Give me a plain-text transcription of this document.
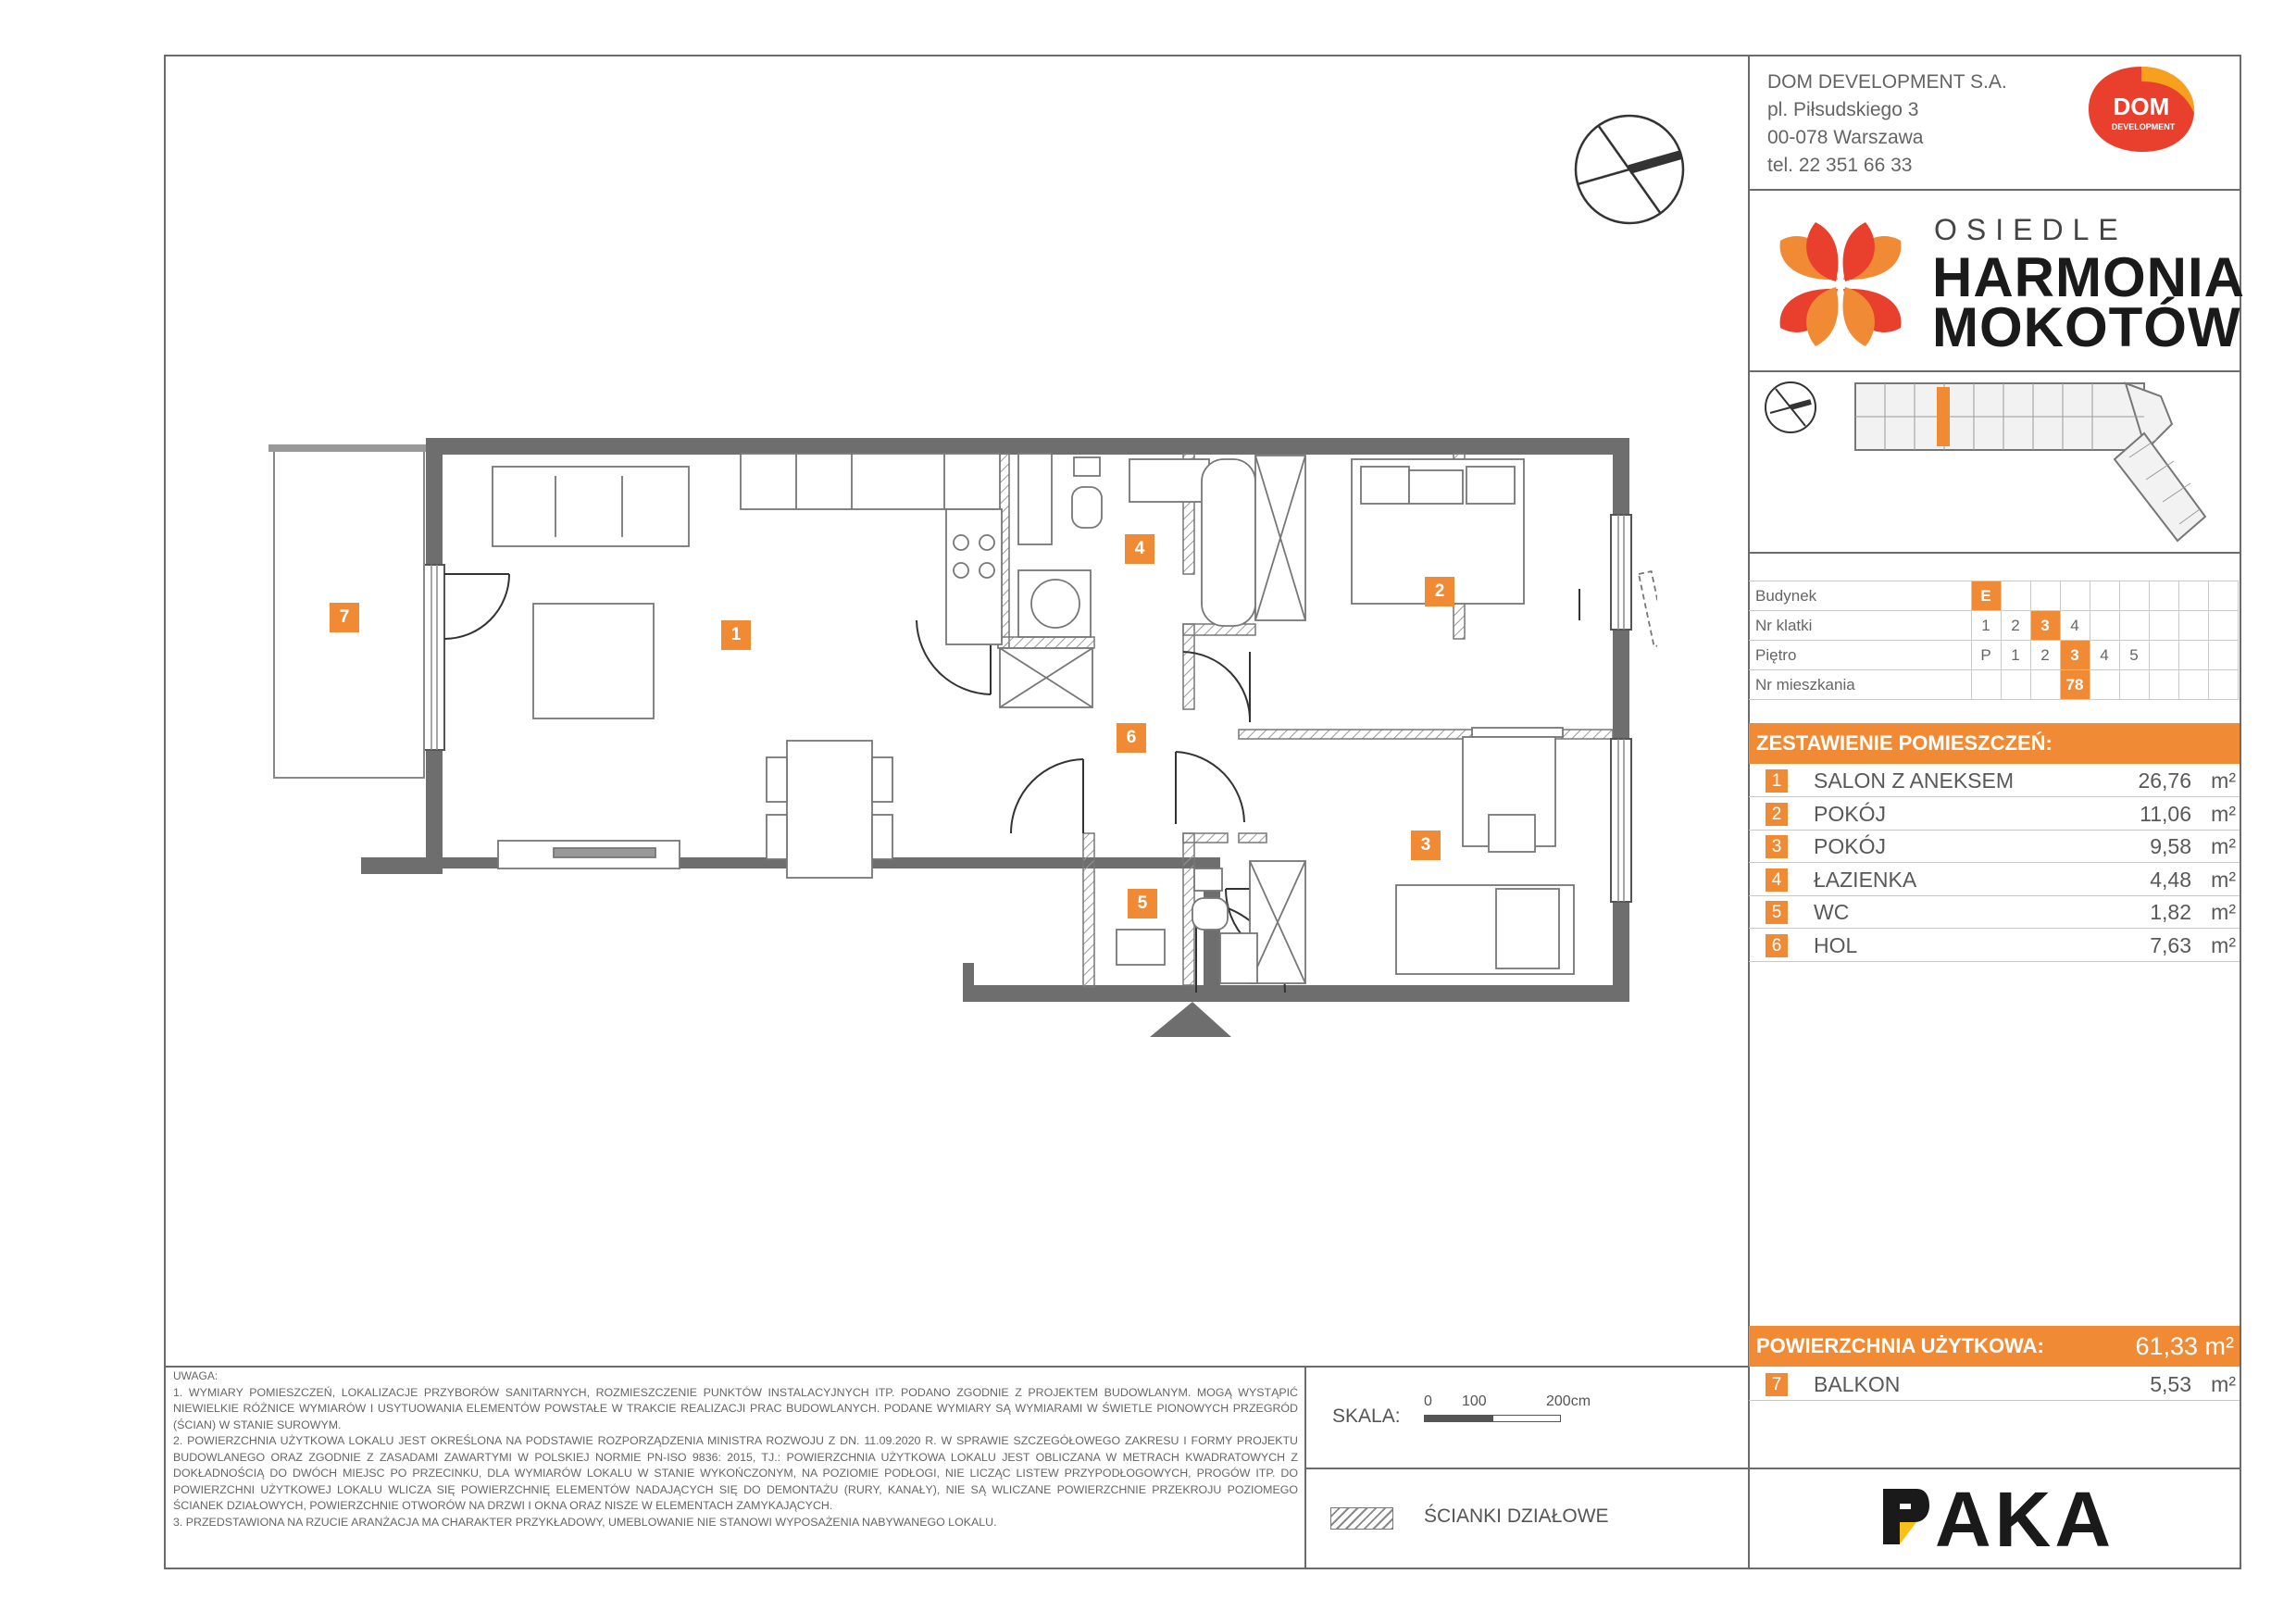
DOM DEVELOPMENT S.A.
pl. Piłsudskiego 3
00-078 Warszawa
tel. 22 351 66 33
DOM
DEVELOPMENT
OSIEDLE
HARMONIA
MOKOTÓW
Budynek	E								
Nr klatki	1	2	3	4					
Piętro	P	1	2	3	4	5			
Nr mieszkania				78					
ZESTAWIENIE POMIESZCZEŃ:
1 SALON Z ANEKSEM	26,76 m²
2 POKÓJ	11,06 m²
3 POKÓJ	9,58 m²
4 ŁAZIENKA	4,48 m²
5 WC	1,82 m²
6 HOL	7,63 m²
POWIERZCHNIA UŻYTKOWA:	61,33 m²
7 BALKON	5,53 m²
1
2
3
4
5
6
7

UWAGA:

1. WYMIARY POMIESZCZEŃ, LOKALIZACJE PRZYBORÓW SANITARNYCH, ROZMIESZCZENIE PUNKTÓW INSTALACYJNYCH ITP. PODANO ZGODNIE Z PROJEKTEM BUDOWLANYM. MOGĄ WYSTĄPIĆ NIEWIELKIE RÓŻNICE WYMIARÓW I USYTUOWANIA ELEMENTÓW POWSTAŁE W TRAKCIE REALIZACJI PRAC BUDOWLANYCH. PODANE WYMIARY SĄ WYMIARAMI W ŚWIETLE PIONOWYCH PRZEGRÓD (ŚCIAN) W STANIE SUROWYM.

2. POWIERZCHNIA UŻYTKOWA LOKALU JEST OKREŚLONA NA PODSTAWIE ROZPORZĄDZENIA MINISTRA ROZWOJU Z DN. 11.09.2020 R. W SPRAWIE SZCZEGÓŁOWEGO ZAKRESU I FORMY PROJEKTU BUDOWLANEGO ORAZ ZGODNIE Z ZASADAMI ZAWARTYMI W POLSKIEJ NORMIE PN-ISO 9836: 2015, TJ.: POWIERZCHNIA UŻYTKOWA LOKALU JEST OBLICZANA W METRACH KWADRATOWYCH Z DOKŁADNOŚCIĄ DO DWÓCH MIEJSC PO PRZECINKU, DLA WYMIARÓW LOKALU W STANIE WYKOŃCZONYM, NA POZIOMIE PODŁOGI, NIE LICZĄC LISTEW PRZYPODŁOGOWYCH, PROGÓW ITP. DO POWIERZCHNI UŻYTKOWEJ LOKALU WLICZA SIĘ POWIERZCHNIĘ ELEMENTÓW NADAJĄCYCH SIĘ DO DEMONTAŻU (RURY, KANAŁY), NIE SĄ WLICZANE POWIERZCHNIE PRZEKROJU POZIOMEGO ŚCIANEK DZIAŁOWYCH, POWIERZCHNIE OTWORÓW NA DRZWI I OKNA ORAZ NISZE W ELEMENTACH ZAMYKAJĄCYCH.

3. PRZEDSTAWIONA NA RZUCIE ARANŻACJA MA CHARAKTER PRZYKŁADOWY, UMEBLOWANIE NIE STANOWI WYPOSAŻENIA NABYWANEGO LOKALU.

SKALA:
0 100	200cm
ŚCIANKI DZIAŁOWE	AKA
